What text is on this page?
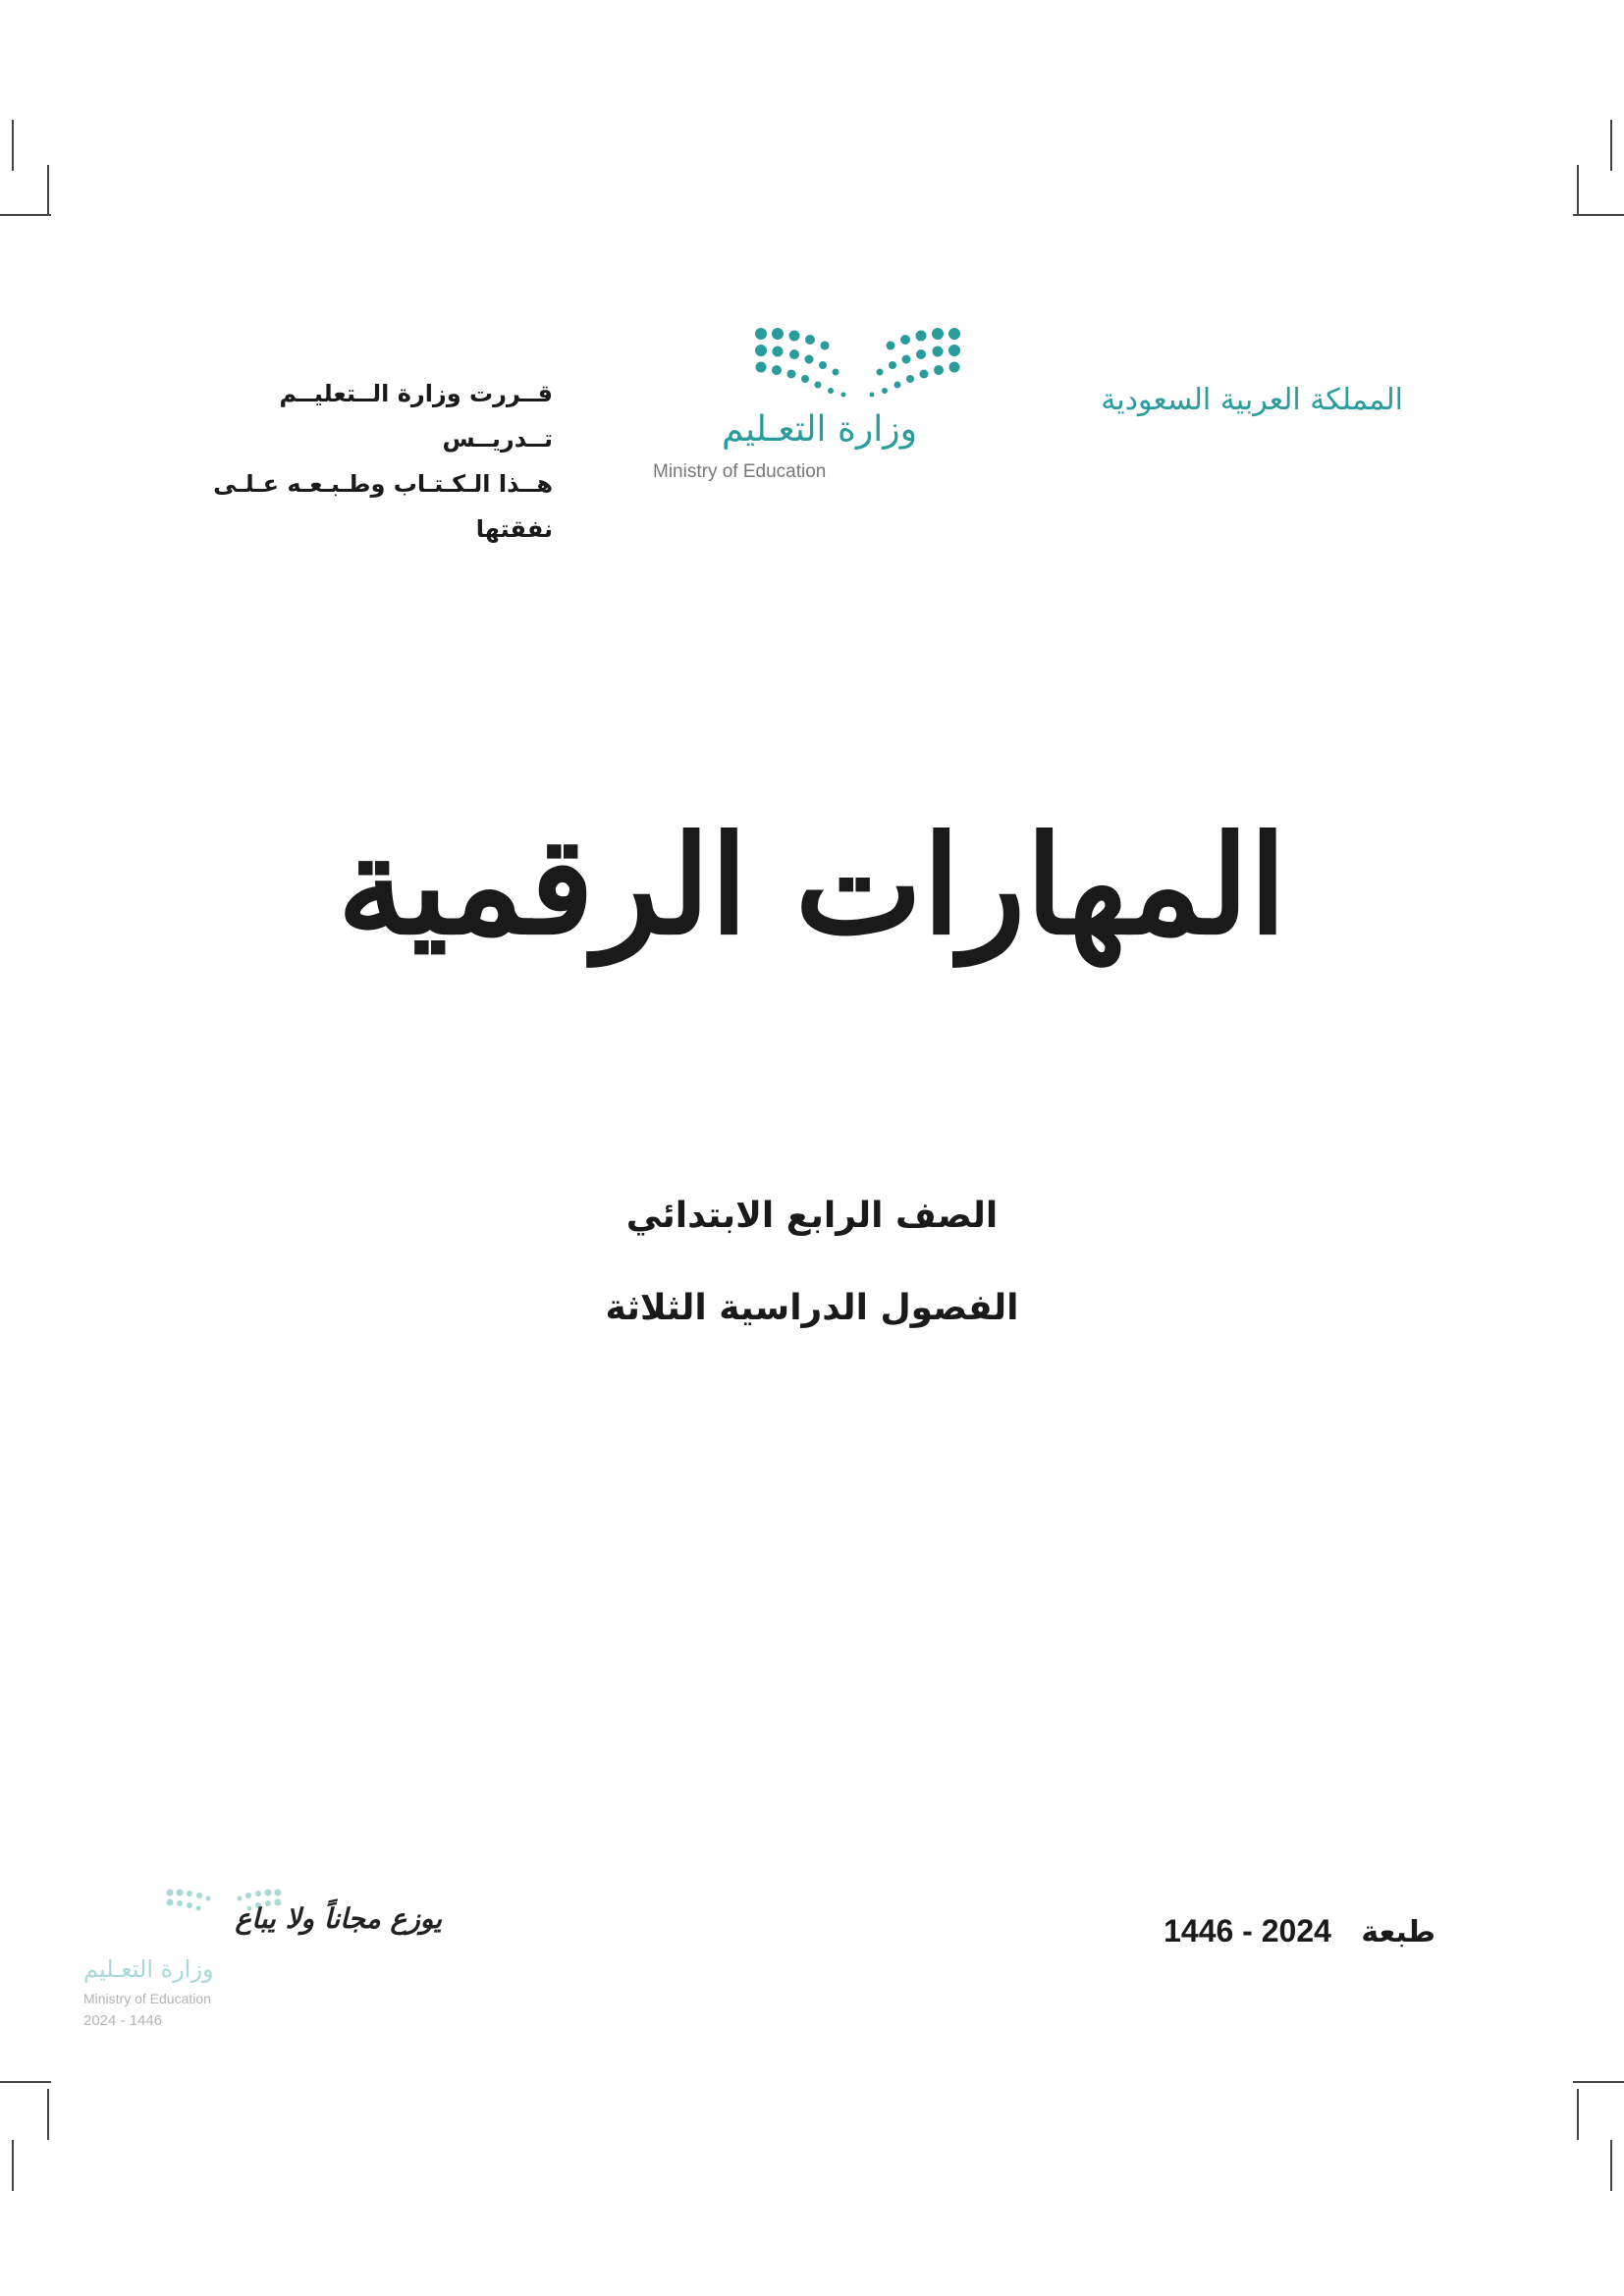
المملكة العربية السعودية
وزارة التعـليم
Ministry of Education
قــررت وزارة الــتعليــم تــدريــس
هــذا الـكـتـاب وطـبـعـه عـلـى نفقتها
المهارات الرقمية
الصف الرابع الابتدائي
الفصول الدراسية الثلاثة
طبعة 1446 - 2024
يوزع مجاناً ولا يباع
وزارة التعـليم
Ministry of Education
2024 - 1446
